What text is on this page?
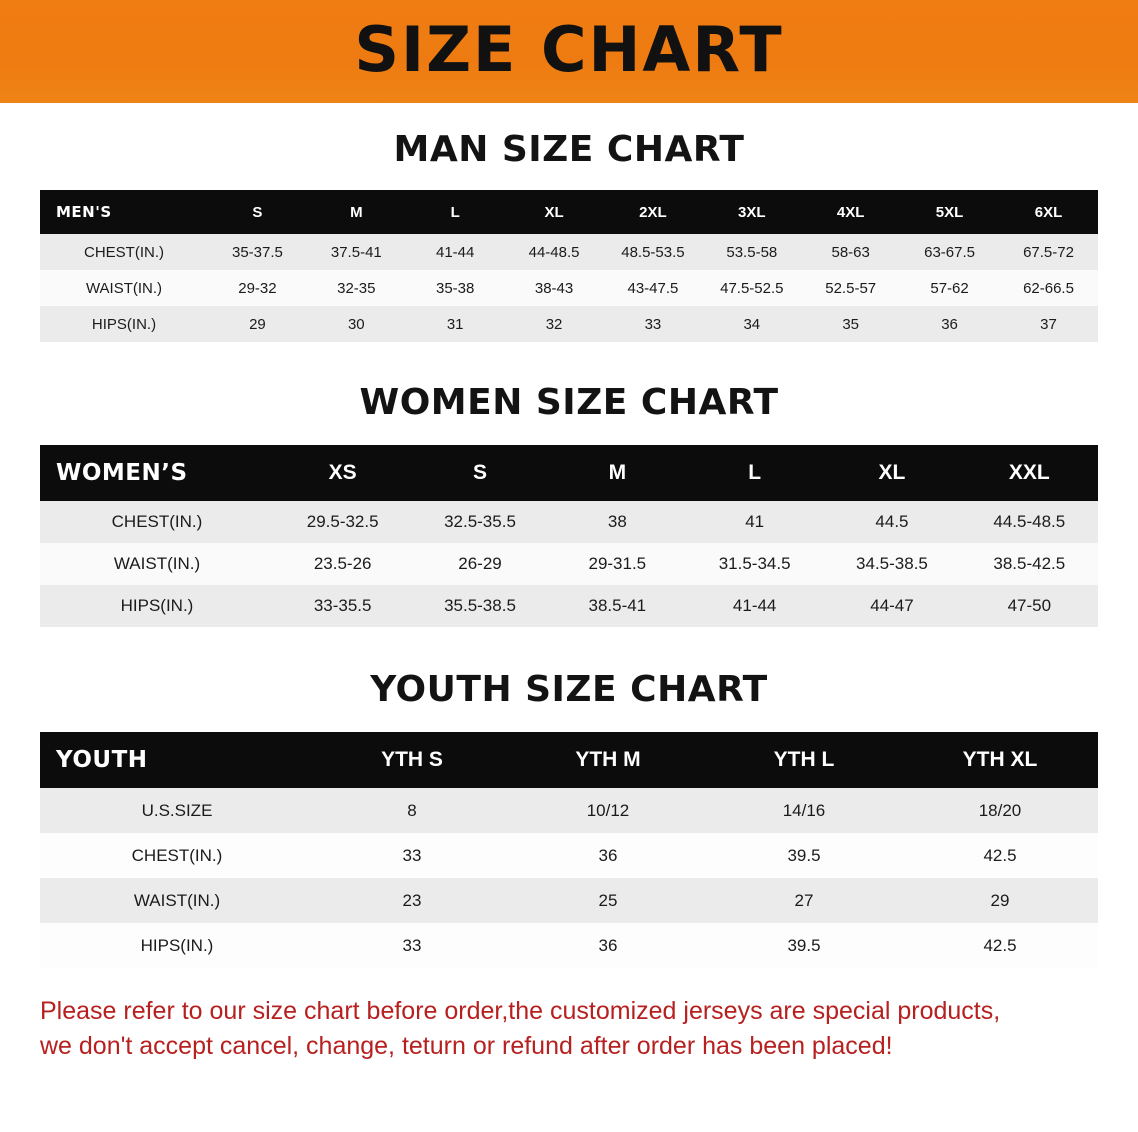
SIZE CHART
MAN SIZE CHART
MEN'S	S	M	L	XL	2XL	3XL	4XL	5XL	6XL
CHEST(IN.)	35-37.5	37.5-41	41-44	44-48.5	48.5-53.5	53.5-58	58-63	63-67.5	67.5-72
WAIST(IN.)	29-32	32-35	35-38	38-43	43-47.5	47.5-52.5	52.5-57	57-62	62-66.5
HIPS(IN.)	29	30	31	32	33	34	35	36	37
WOMEN SIZE CHART
WOMEN’S	XS	S	M	L	XL	XXL
CHEST(IN.)	29.5-32.5	32.5-35.5	38	41	44.5	44.5-48.5
WAIST(IN.)	23.5-26	26-29	29-31.5	31.5-34.5	34.5-38.5	38.5-42.5
HIPS(IN.)	33-35.5	35.5-38.5	38.5-41	41-44	44-47	47-50
YOUTH SIZE CHART
YOUTH	YTH S	YTH M	YTH L	YTH XL
U.S.SIZE	8	10/12	14/16	18/20
CHEST(IN.)	33	36	39.5	42.5
WAIST(IN.)	23	25	27	29
HIPS(IN.)	33	36	39.5	42.5
Please refer to our size chart before order,the customized jerseys are special products,
we don't accept cancel, change, teturn or refund after order has been placed!
